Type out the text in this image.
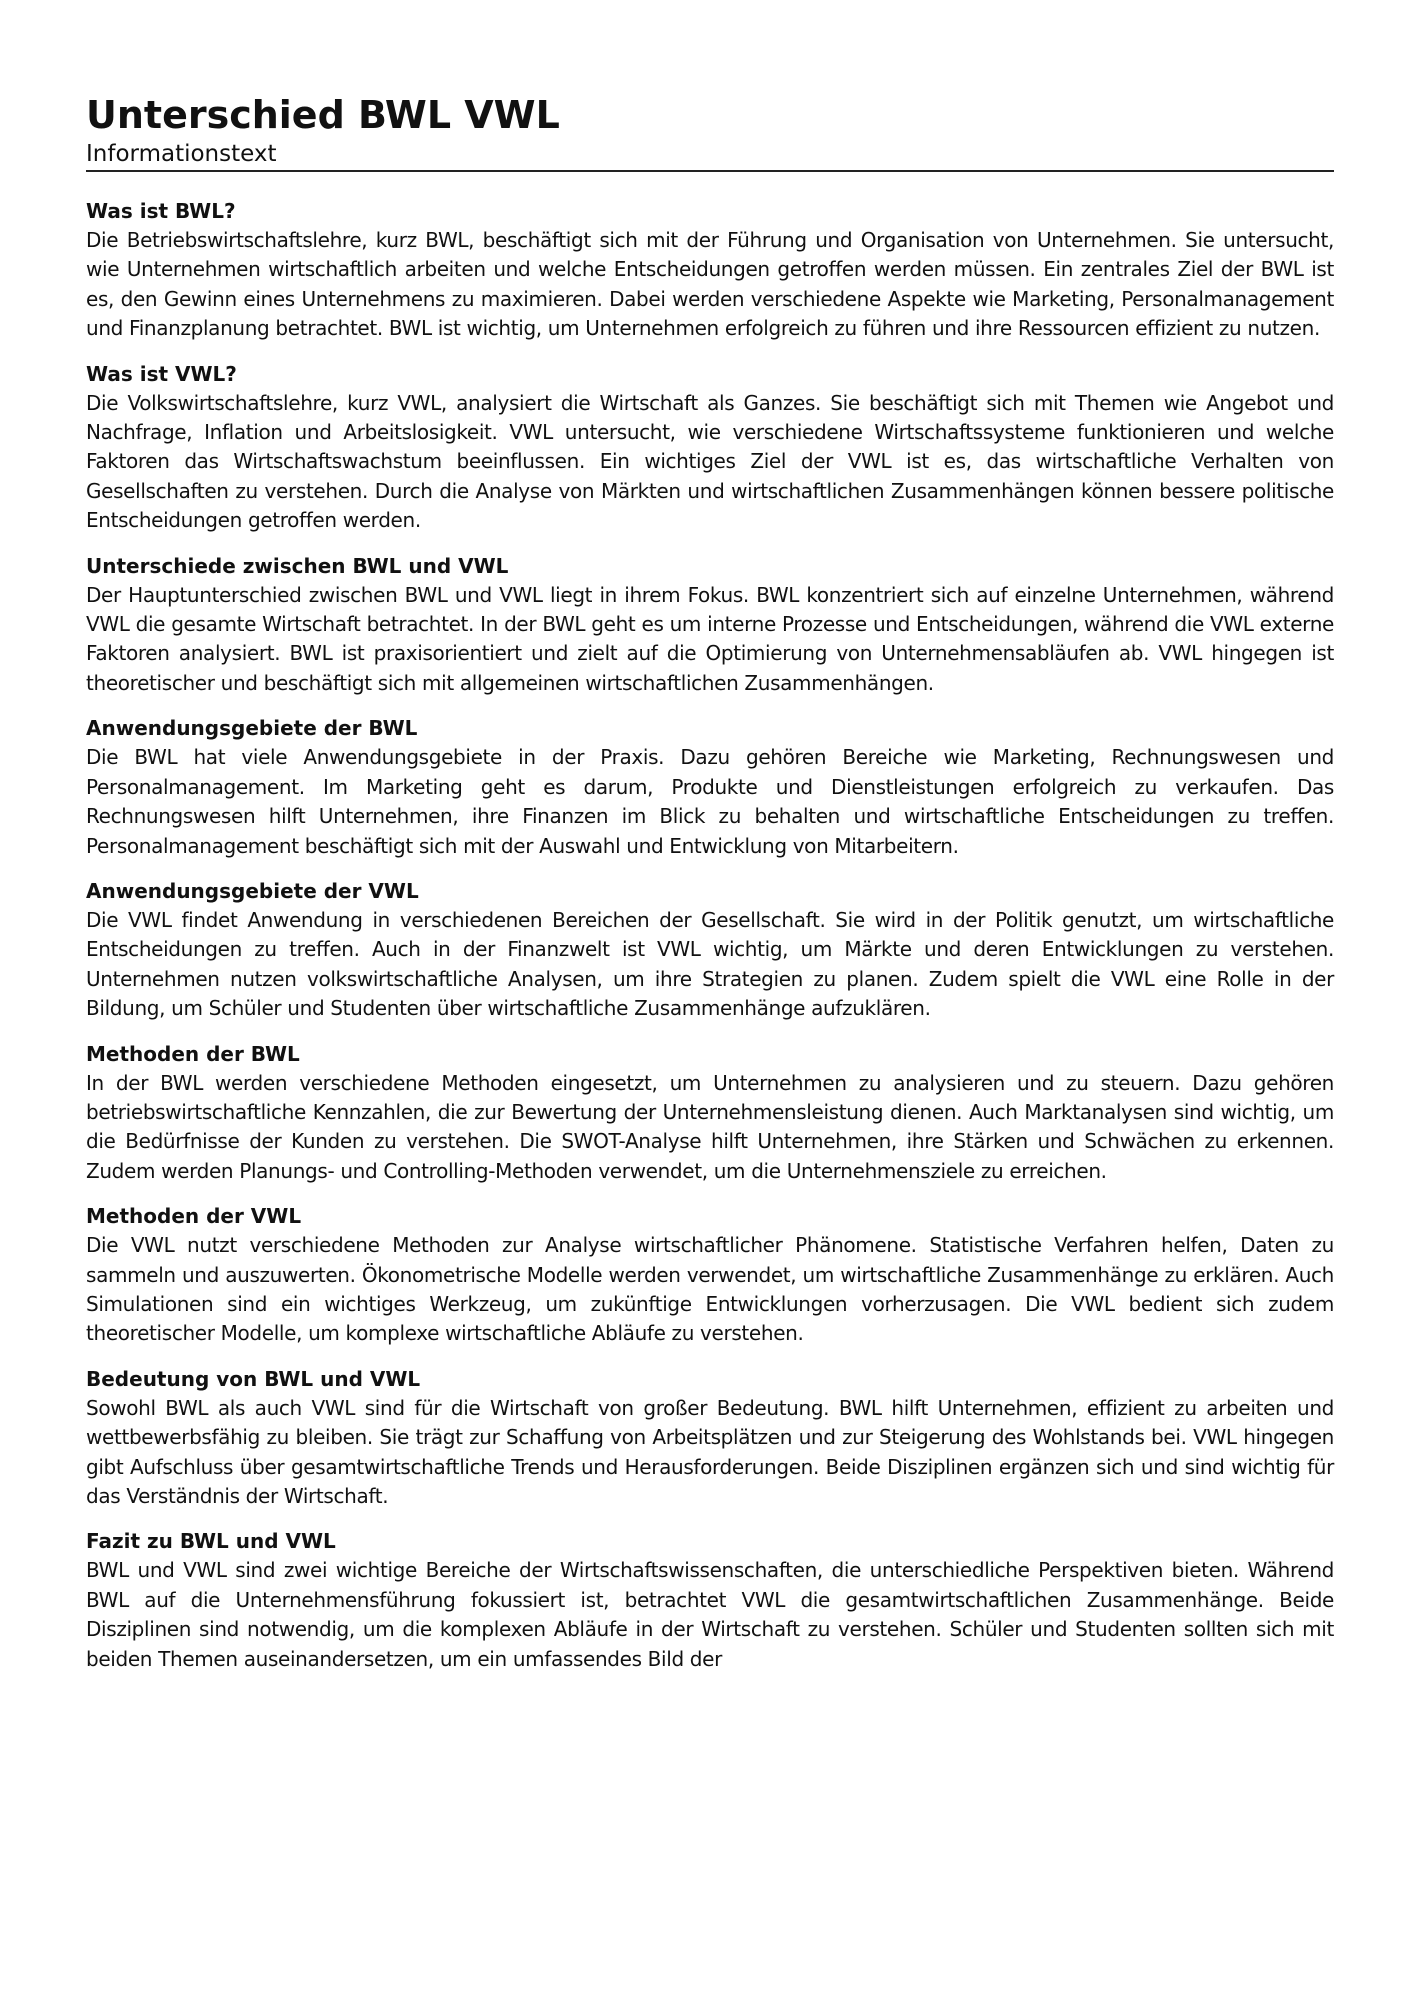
Unterschied BWL VWL
Informationstext
Was ist BWL?

Die Betriebswirtschaftslehre, kurz BWL, beschäftigt sich mit der Führung und Organisation von Unternehmen. Sie untersucht, wie Unternehmen wirtschaftlich arbeiten und welche Entscheidungen getroffen werden müssen. Ein zentrales Ziel der BWL ist es, den Gewinn eines Unternehmens zu maximieren. Dabei werden verschiedene Aspekte wie Marketing, Personalmanagement und Finanzplanung betrachtet. BWL ist wichtig, um Unternehmen erfolgreich zu führen und ihre Ressourcen effizient zu nutzen.

Was ist VWL?

Die Volkswirtschaftslehre, kurz VWL, analysiert die Wirtschaft als Ganzes. Sie beschäftigt sich mit Themen wie Angebot und Nachfrage, Inflation und Arbeitslosigkeit. VWL untersucht, wie verschiedene Wirtschaftssysteme funktionieren und welche Faktoren das Wirtschaftswachstum beeinflussen. Ein wichtiges Ziel der VWL ist es, das wirtschaftliche Verhalten von Gesellschaften zu verstehen. Durch die Analyse von Märkten und wirtschaftlichen Zusammenhängen können bessere politische Entscheidungen getroffen werden.

Unterschiede zwischen BWL und VWL

Der Hauptunterschied zwischen BWL und VWL liegt in ihrem Fokus. BWL konzentriert sich auf einzelne Unternehmen, während VWL die gesamte Wirtschaft betrachtet. In der BWL geht es um interne Prozesse und Entscheidungen, während die VWL externe Faktoren analysiert. BWL ist praxisorientiert und zielt auf die Optimierung von Unternehmensabläufen ab. VWL hingegen ist theoretischer und beschäftigt sich mit allgemeinen wirtschaftlichen Zusammenhängen.

Anwendungsgebiete der BWL

Die BWL hat viele Anwendungsgebiete in der Praxis. Dazu gehören Bereiche wie Marketing, Rechnungswesen und Personalmanagement. Im Marketing geht es darum, Produkte und Dienstleistungen erfolgreich zu verkaufen. Das Rechnungswesen hilft Unternehmen, ihre Finanzen im Blick zu behalten und wirtschaftliche Entscheidungen zu treffen. Personalmanagement beschäftigt sich mit der Auswahl und Entwicklung von Mitarbeitern.

Anwendungsgebiete der VWL

Die VWL findet Anwendung in verschiedenen Bereichen der Gesellschaft. Sie wird in der Politik genutzt, um wirtschaftliche Entscheidungen zu treffen. Auch in der Finanzwelt ist VWL wichtig, um Märkte und deren Entwicklungen zu verstehen. Unternehmen nutzen volkswirtschaftliche Analysen, um ihre Strategien zu planen. Zudem spielt die VWL eine Rolle in der Bildung, um Schüler und Studenten über wirtschaftliche Zusammenhänge aufzuklären.

Methoden der BWL

In der BWL werden verschiedene Methoden eingesetzt, um Unternehmen zu analysieren und zu steuern. Dazu gehören betriebswirtschaftliche Kennzahlen, die zur Bewertung der Unternehmensleistung dienen. Auch Marktanalysen sind wichtig, um die Bedürfnisse der Kunden zu verstehen. Die SWOT-Analyse hilft Unternehmen, ihre Stärken und Schwächen zu erkennen. Zudem werden Planungs- und Controlling-Methoden verwendet, um die Unternehmensziele zu erreichen.

Methoden der VWL

Die VWL nutzt verschiedene Methoden zur Analyse wirtschaftlicher Phänomene. Statistische Verfahren helfen, Daten zu sammeln und auszuwerten. Ökonometrische Modelle werden verwendet, um wirtschaftliche Zusammenhänge zu erklären. Auch Simulationen sind ein wichtiges Werkzeug, um zukünftige Entwicklungen vorherzusagen. Die VWL bedient sich zudem theoretischer Modelle, um komplexe wirtschaftliche Abläufe zu verstehen.

Bedeutung von BWL und VWL

Sowohl BWL als auch VWL sind für die Wirtschaft von großer Bedeutung. BWL hilft Unternehmen, effizient zu arbeiten und wettbewerbsfähig zu bleiben. Sie trägt zur Schaffung von Arbeitsplätzen und zur Steigerung des Wohlstands bei. VWL hingegen gibt Aufschluss über gesamtwirtschaftliche Trends und Herausforderungen. Beide Disziplinen ergänzen sich und sind wichtig für das Verständnis der Wirtschaft.

Fazit zu BWL und VWL

BWL und VWL sind zwei wichtige Bereiche der Wirtschaftswissenschaften, die unterschiedliche Perspektiven bieten. Während BWL auf die Unternehmensführung fokussiert ist, betrachtet VWL die gesamtwirtschaftlichen Zusammenhänge. Beide Disziplinen sind notwendig, um die komplexen Abläufe in der Wirtschaft zu verstehen. Schüler und Studenten sollten sich mit beiden Themen auseinandersetzen, um ein umfassendes Bild der
